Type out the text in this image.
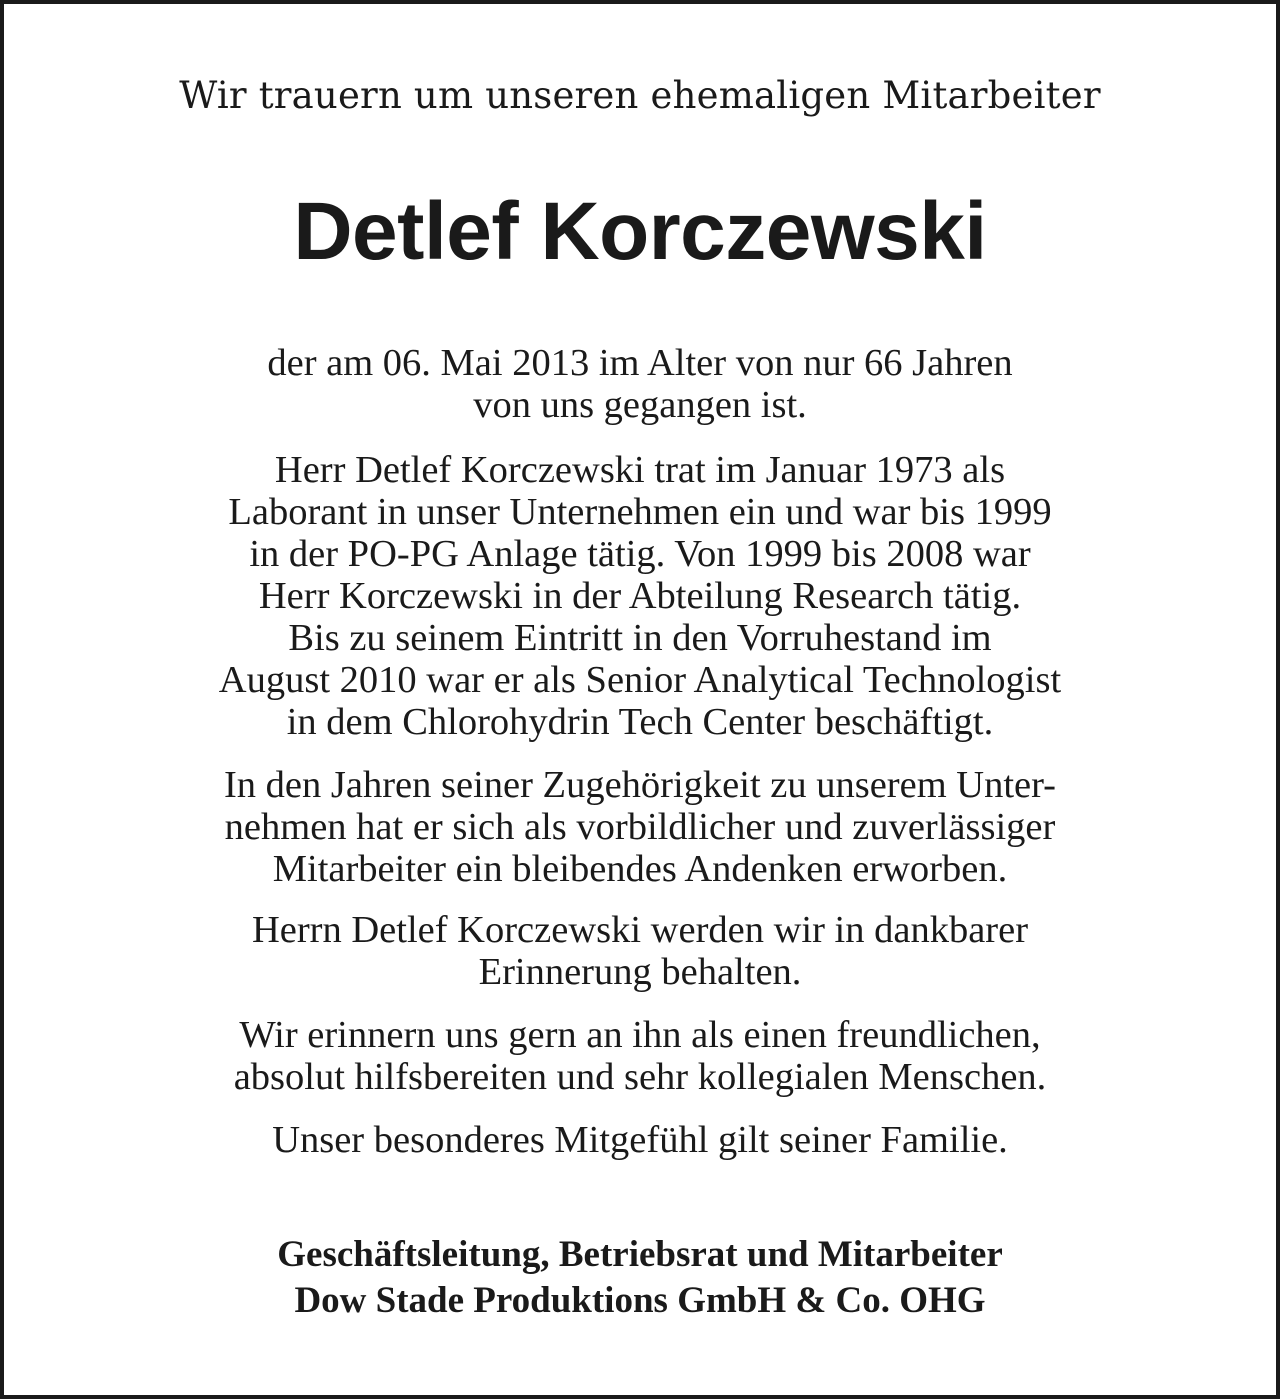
Wir trauern um unseren ehemaligen Mitarbeiter
Detlef Korczewski
der am 06. Mai 2013 im Alter von nur 66 Jahren
von uns gegangen ist.
Herr Detlef Korczewski trat im Januar 1973 als
Laborant in unser Unternehmen ein und war bis 1999
in der PO-PG Anlage tätig. Von 1999 bis 2008 war
Herr Korczewski in der Abteilung Research tätig.
Bis zu seinem Eintritt in den Vorruhestand im
August 2010 war er als Senior Analytical Technologist
in dem Chlorohydrin Tech Center beschäftigt.
In den Jahren seiner Zugehörigkeit zu unserem Unter-
nehmen hat er sich als vorbildlicher und zuverlässiger
Mitarbeiter ein bleibendes Andenken erworben.
Herrn Detlef Korczewski werden wir in dankbarer
Erinnerung behalten.
Wir erinnern uns gern an ihn als einen freundlichen,
absolut hilfsbereiten und sehr kollegialen Menschen.
Unser besonderes Mitgefühl gilt seiner Familie.
Geschäftsleitung, Betriebsrat und Mitarbeiter
Dow Stade Produktions GmbH & Co. OHG
